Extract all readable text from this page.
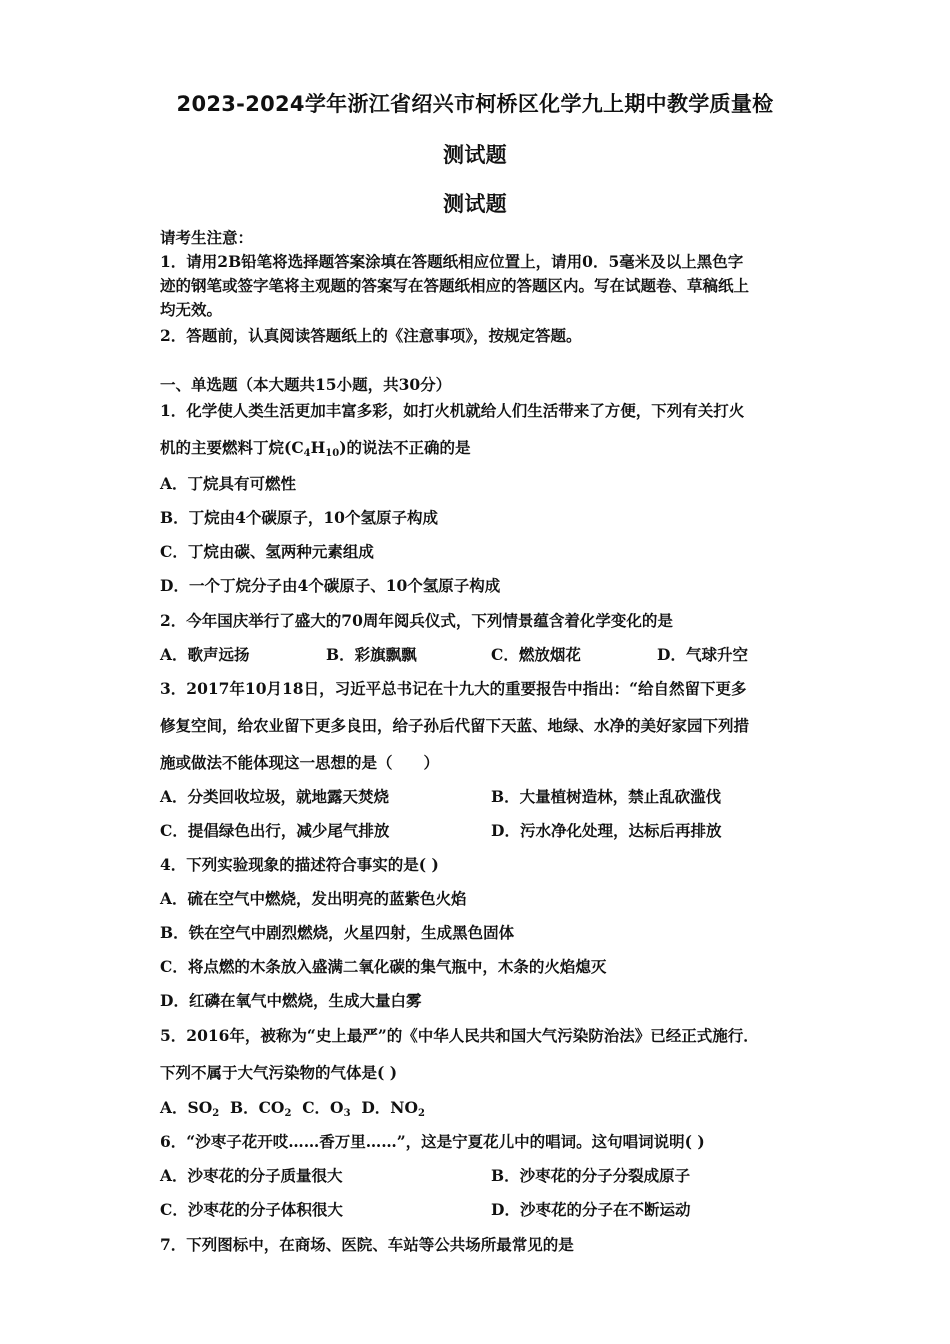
2023-2024学年浙江省绍兴市柯桥区化学九上期中教学质量检
测试题
测试题
请考生注意：
1．请用2B铅笔将选择题答案涂填在答题纸相应位置上，请用0．5毫米及以上黑色字
迹的钢笔或签字笔将主观题的答案写在答题纸相应的答题区内。写在试题卷、草稿纸上
均无效。
2．答题前，认真阅读答题纸上的《注意事项》，按规定答题。
一、单选题（本大题共15小题，共30分）
1．化学使人类生活更加丰富多彩，如打火机就给人们生活带来了方便，下列有关打火
机的主要燃料丁烷$(C_4H_{10})$的说法不正确的是
A．丁烷具有可燃性
B．丁烷由4个碳原子，10个氢原子构成
C．丁烷由碳、氢两种元素组成
D．一个丁烷分子由4个碳原子、10个氢原子构成
2．今年国庆举行了盛大的70周年阅兵仪式，下列情景蕴含着化学变化的是
A．歌声远扬	B．彩旗飘飘	C．燃放烟花	D．气球升空
3．2017年10月18日，习近平总书记在十九大的重要报告中指出：“给自然留下更多
修复空间，给农业留下更多良田，给子孙后代留下天蓝、地绿、水净的美好家园下列措
施或做法不能体现这一思想的是（　　）
A．分类回收垃圾，就地露天焚烧	B．大量植树造林，禁止乱砍滥伐
C．提倡绿色出行，减少尾气排放	D．污水净化处理，达标后再排放
4．下列实验现象的描述符合事实的是( )
A．硫在空气中燃烧，发出明亮的蓝紫色火焰
B．铁在空气中剧烈燃烧，火星四射，生成黑色固体
C．将点燃的木条放入盛满二氧化碳的集气瓶中，木条的火焰熄灭
D．红磷在氧气中燃烧，生成大量白雾
5．2016年，被称为“史上最严”的《中华人民共和国大气污染防治法》已经正式施行．
下列不属于大气污染物的气体是( )
A．$SO_2$ B．$CO_2$ C．$O_3$ D．$NO_2$
6．“沙枣子花开哎……香万里……”，这是宁夏花儿中的唱词。这句唱词说明( )
A．沙枣花的分子质量很大	B．沙枣花的分子分裂成原子
C．沙枣花的分子体积很大	D．沙枣花的分子在不断运动
7．下列图标中，在商场、医院、车站等公共场所最常见的是
